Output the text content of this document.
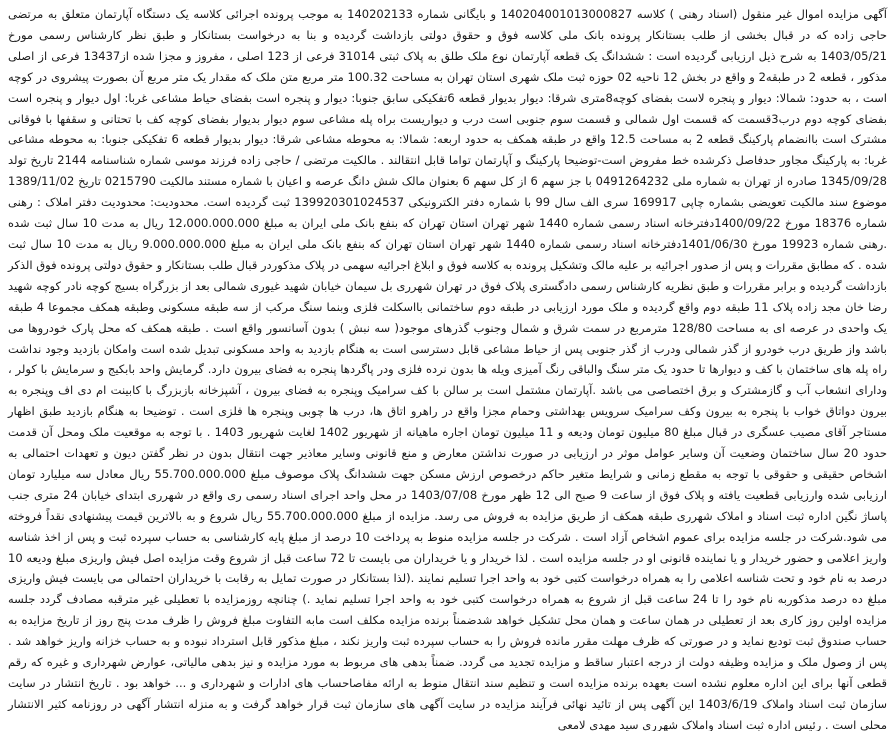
آگهی مزایده اموال غیر منقول (اسناد رهنی ) کلاسه 140204001013000827 و بایگانی شماره 140202133 به موجب پرونده اجرائی کلاسه یک دستگاه آپارتمان متعلق به مرتضی حاجی زاده که در قبال بخشی از طلب بستانکار پرونده بانک ملی کلاسه فوق و حقوق دولتی بازداشت گردیده و بنا به درخواست بستانکار و طبق نظر کارشناس رسمی مورخ 1403/05/21 به شرح ذیل ارزیابی گردیده است : ششدانگ یک قطعه آپارتمان نوع ملک طلق به پلاک ثبتی 31014 فرعی از 123 اصلی ، مفروز و مجزا شده از13437 فرعی از اصلی مذکور ، قطعه 2 در طبقه2 و واقع در بخش 12 ناحیه 02 حوزه ثبت ملک شهری استان تهران به مساحت 100.32 متر مربع متن ملک که مقدار یک متر مربع آن بصورت پیشروی در کوچه است ، به حدود: شمالا: دیوار و پنجره لاست بفضای کوچه8متری شرقا: دیوار بدیوار قطعه 6تفکیکی سابق جنوبا: دیوار و پنجره است بفضای حیاط مشاعی غربا: اول دیوار و پنجره است بفضای کوچه دوم درب3قسمت که قسمت اول شمالی و قسمت سوم جنوبی است درب و دیواریست براه پله مشاعی سوم دیوار بدیوار بفضای کوچه کف با تحتانی و سقفها با فوقانی مشترک است باانضمام پارکینگ قطعه 2 به مساحت 12.5 واقع در طبقه همکف به حدود اربعه: شمالا: به محوطه مشاعی شرقا: دیوار بدیوار قطعه 6 تفکیکی جنوبا: به محوطه مشاعی غربا: به پارکینگ مجاور حدفاصل ذکرشده خط مفروض است-توضیحا پارکینگ و آپارتمان تواما قابل انتقالند . مالکیت مرتضی / حاجی زاده فرزند موسی شماره شناسنامه 2144 تاریخ تولد 1345/09/28 صادره از تهران به شماره ملی 0491264232 با جز سهم 6 از کل سهم 6 بعنوان مالک شش دانگ عرصه و اعیان با شماره مستند مالکیت 0215790 تاریخ 1389/11/02 موضوع سند مالکیت تعویضی بشماره چاپی 169917 سری الف سال 99 با شماره دفتر الکترونیکی 139920301024537 ثبت گردیده است. محدودیت: محدودیت دفتر املاک : رهنی شماره 18376 مورخ 1400/09/22دفترخانه اسناد رسمی شماره 1440 شهر تهران استان تهران که بنفع بانک ملی ایران به مبلغ 12،000.000.000 ریال به مدت 10 سال ثبت شده .رهنی شماره 19923 مورخ 1401/06/30دفترخانه اسناد رسمی شماره 1440 شهر تهران استان تهران که بنفع بانک ملی ایران به مبلغ 9.000.000.000 ریال به مدت 10 سال ثبت شده . که مطابق مقررات و پس از صدور اجرائیه بر علیه مالک وتشکیل پرونده به کلاسه فوق و ابلاغ اجرائیه سهمی در پلاک مذکوردر قبال طلب بستانکار و حقوق دولتی پرونده فوق الذکر بازداشت گردیده و برابر مقررات و طبق نظریه کارشناس رسمی دادگستری پلاک فوق در تهران شهرری بل سیمان خیابان شهید غیوری شمالی بعد از بزرگراه بسیج کوچه نادر کوچه شهید رضا خان مجد زاده پلاک 11 طبقه دوم واقع گردیده و ملک مورد ارزیابی در طبقه دوم ساختمانی بااسکلت فلزی وبنما سنگ مرکب از سه طبقه مسکونی وطبقه همکف مجموعا 4 طبقه یک واحدی در عرصه ای به مساحت 128/80 مترمربع در سمت شرق و شمال وجنوب گذرهای موجود( سه نبش ) بدون آسانسور واقع است . طبقه همکف که محل پارک خودروها می باشد واز طریق درب خودرو از گذر شمالی ودرب از گذر جنوبی پس از حیاط مشاعی قابل دسترسی است به هنگام بازدید به واحد مسکونی تبدیل شده است وامکان بازدید وجود نداشت راه پله های ساختمان با کف و دیوارها تا حدود یک متر سنگ والباقی رنگ آمیزی ویله ها بدون نرده فلزی ودر پاگردها پنجره به فضای بیرون دارد. گرمایش واحد بابکیج و سرمایش با کولر ، ودارای انشعاب آب و گازمشترک و برق اختصاصی می باشد .آپارتمان مشتمل است بر سالن با کف سرامیک وپنجره به فضای بیرون ، آشپزخانه بازبزرگ با کابینت ام دی اف وپنجره به بیرون دواتاق خواب با پنجره به بیرون وکف سرامیک سرویس بهداشتی وحمام مجزا واقع در راهرو اتاق ها، درب ها چوبی وپنجره ها فلزی است . توضیحا به هنگام بازدید طبق اظهار مستاجر آقای مصیب عسگری در قبال مبلغ 80 میلیون تومان ودیعه و 11 میلیون تومان اجاره ماهیانه از شهریور 1402 لغایت شهریور 1403 . با توجه به موقعیت ملک ومحل آن قدمت حدود 20 سال ساختمان وضعیت آن وسایر عوامل موثر در ارزیابی در صورت نداشتن معارض و منع قانونی وسایر معاذیر جهت انتقال بدون در نظر گفتن دیون و تعهدات احتمالی به اشخاص حقیقی و حقوقی با توجه به مقطع زمانی و شرایط متغیر حاکم درخصوص ارزش مسکن جهت ششدانگ پلاک موصوف مبلغ 55.700.000.000 ریال معادل سه میلیارد تومان ارزیابی شده وارزیابی قطعیت یافته و پلاک فوق از ساعت 9 صبح الی 12 ظهر مورخ 1403/07/08 در محل واحد اجرای اسناد رسمی ری واقع در شهرری ابتدای خیابان 24 متری جنب پاساژ نگین اداره ثبت اسناد و املاک شهرری طبقه همکف از طریق مزایده به فروش می رسد. مزایده از مبلغ 55.700.000.000 ریال شروع و به بالاترین قیمت پیشنهادی نقداً فروخته می شود.شرکت در جلسه مزایده برای عموم اشخاص آزاد است . شرکت در جلسه مزایده منوط به پرداخت 10 درصد از مبلغ پایه کارشناسی به حساب سپرده ثبت و پس از اخذ شناسه واریز اعلامی و حضور خریدار و یا نماینده قانونی او در جلسه مزایده است . لذا خریدار و یا خریداران می بایست تا 72 ساعت قبل از شروع وقت مزایده اصل فیش واریزی مبلغ ودیعه 10 درصد به نام خود و تحت شناسه اعلامی را به همراه درخواست کتبی خود به واحد اجرا تسلیم نمایند .(لذا بستانکار در صورت تمایل به رقابت با خریداران احتمالی می بایست فیش واریزی مبلغ ده درصد مذکوربه نام خود را تا 24 ساعت قبل از شروع به همراه درخواست کتبی خود به واحد اجرا تسلیم نماید .) چنانچه روزمزایده با تعطیلی غیر مترقبه مصادف گردد جلسه مزایده اولین روز کاری بعد از تعطیلی در همان ساعت و همان محل تشکیل خواهد شدضمناً برنده مزایده مکلف است مابه التفاوت مبلغ فروش را ظرف مدت پنج روز از تاریخ مزایده به حساب صندوق ثبت تودیع نماید و در صورتی که ظرف مهلت مقرر مانده فروش را به حساب سپرده ثبت واریز نکند ، مبلغ مذکور قابل استرداد نبوده و به حساب خزانه واریز خواهد شد . پس از وصول ملک و مزایده وظیفه دولت از درجه اعتبار ساقط و مزایده تجدید می گردد. ضمناً بدهی های مربوط به مورد مزایده و نیز بدهی مالیاتی، عوارض شهرداری و غیره که رقم قطعی آنها برای این اداره معلوم نشده است بعهده برنده مزایده است و تنظیم سند انتقال منوط به ارائه مفاصاحساب های ادارات و شهرداری و ... خواهد بود . تاریخ انتشار در سایت سازمان ثبت اسناد واملاک 1403/6/19 این آگهی پس از تائید نهائی فرآیند مزایده در سایت آگهی های سازمان ثبت قرار خواهد گرفت و به منزله انتشار آگهی در روزنامه کثیر الانتشار محلی است . رئیس اداره ثبت اسناد واملاک شهرری سید مهدی لامعی
